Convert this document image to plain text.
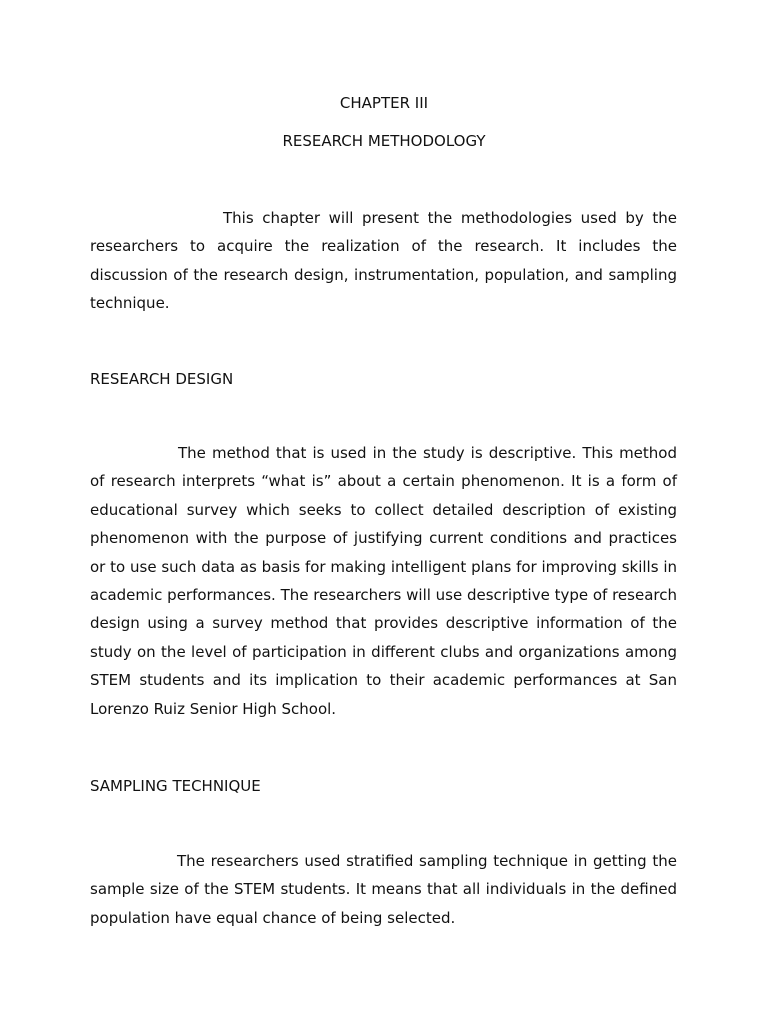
CHAPTER III
RESEARCH METHODOLOGY

This chapter will present the methodologies used by the researchers to acquire the realization of the research. It includes the discussion of the research design, instrumentation, population, and sampling technique.

RESEARCH DESIGN

The method that is used in the study is descriptive. This method of research interprets “what is” about a certain phenomenon. It is a form of educational survey which seeks to collect detailed description of existing phenomenon with the purpose of justifying current conditions and practices or to use such data as basis for making intelligent plans for improving skills in academic performances. The researchers will use descriptive type of research design using a survey method that provides descriptive information of the study on the level of participation in different clubs and organizations among STEM students and its implication to their academic performances at San Lorenzo Ruiz Senior High School.

SAMPLING TECHNIQUE

The researchers used stratified sampling technique in getting the sample size of the STEM students. It means that all individuals in the defined population have equal chance of being selected.
